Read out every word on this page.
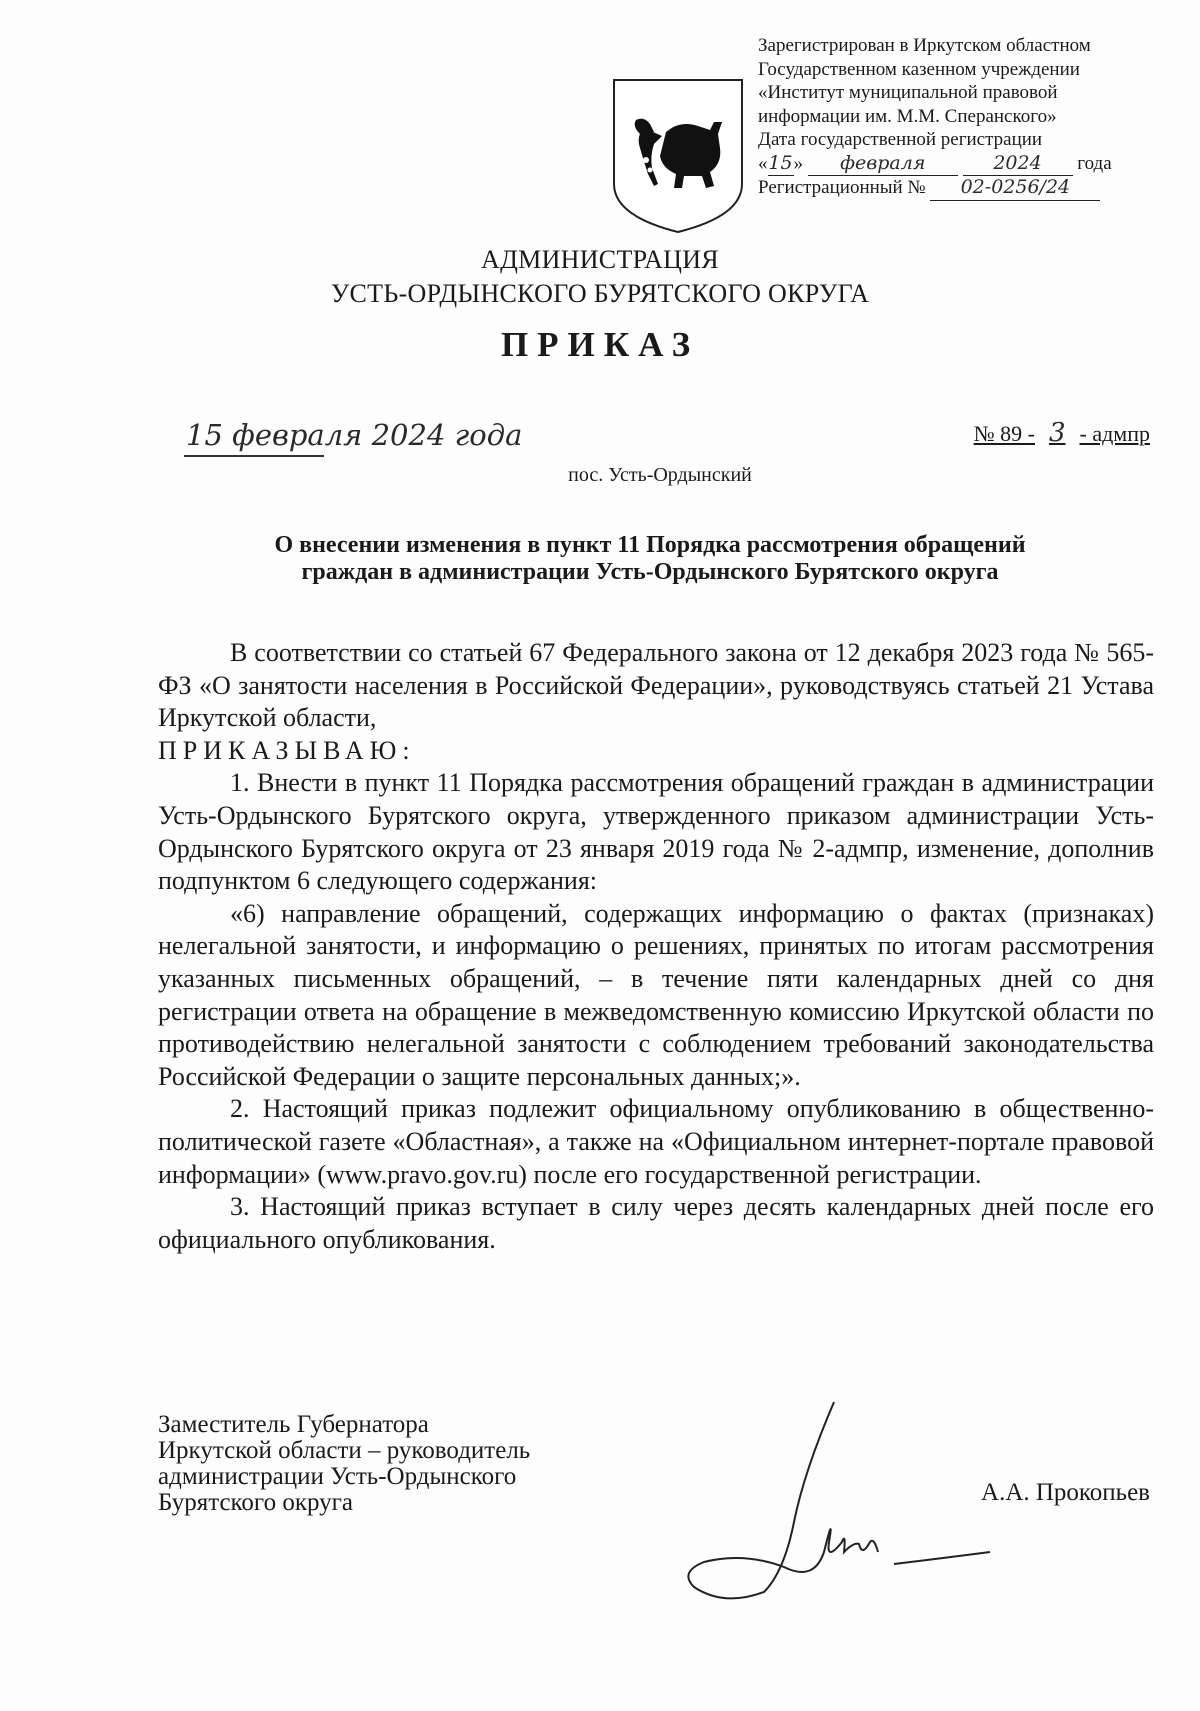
Зарегистрирован в Иркутском областном
Государственном казенном учреждении
«Институт муниципальной правовой
информации им. М.М. Сперанского»
Дата государственной регистрации
«15» февраля	2024 года
Регистрационный № 02-0256/24
АДМИНИСТРАЦИЯ
УСТЬ-ОРДЫНСКОГО БУРЯТСКОГО ОКРУГА
ПРИКАЗ
15 февраля 2024 года	№ 89 - 3 - адмпр
пос. Усть-Ордынский
О внесении изменения в пункт 11 Порядка рассмотрения обращений
граждан в администрации Усть-Ордынского Бурятского округа

В соответствии со статьей 67 Федерального закона от 12 декабря 2023 года № 565-ФЗ «О занятости населения в Российской Федерации», руководствуясь статьей 21 Устава Иркутской области,

ПРИКАЗЫВАЮ:

1. Внести в пункт 11 Порядка рассмотрения обращений граждан в администрации Усть-Ордынского Бурятского округа, утвержденного приказом администрации Усть-Ордынского Бурятского округа от 23 января 2019 года № 2-адмпр, изменение, дополнив подпунктом 6 следующего содержания:

«6) направление обращений, содержащих информацию о фактах (признаках) нелегальной занятости, и информацию о решениях, принятых по итогам рассмотрения указанных письменных обращений, – в течение пяти календарных дней со дня регистрации ответа на обращение в межведомственную комиссию Иркутской области по противодействию нелегальной занятости с соблюдением требований законодательства Российской Федерации о защите персональных данных;».

2. Настоящий приказ подлежит официальному опубликованию в общественно-политической газете «Областная», а также на «Официальном интернет-портале правовой информации» (www.pravo.gov.ru) после его государственной регистрации.

3. Настоящий приказ вступает в силу через десять календарных дней после его официального опубликования.

Заместитель Губернатора
Иркутской области – руководитель
администрации Усть-Ордынского
Бурятского округа	А.А. Прокопьев
